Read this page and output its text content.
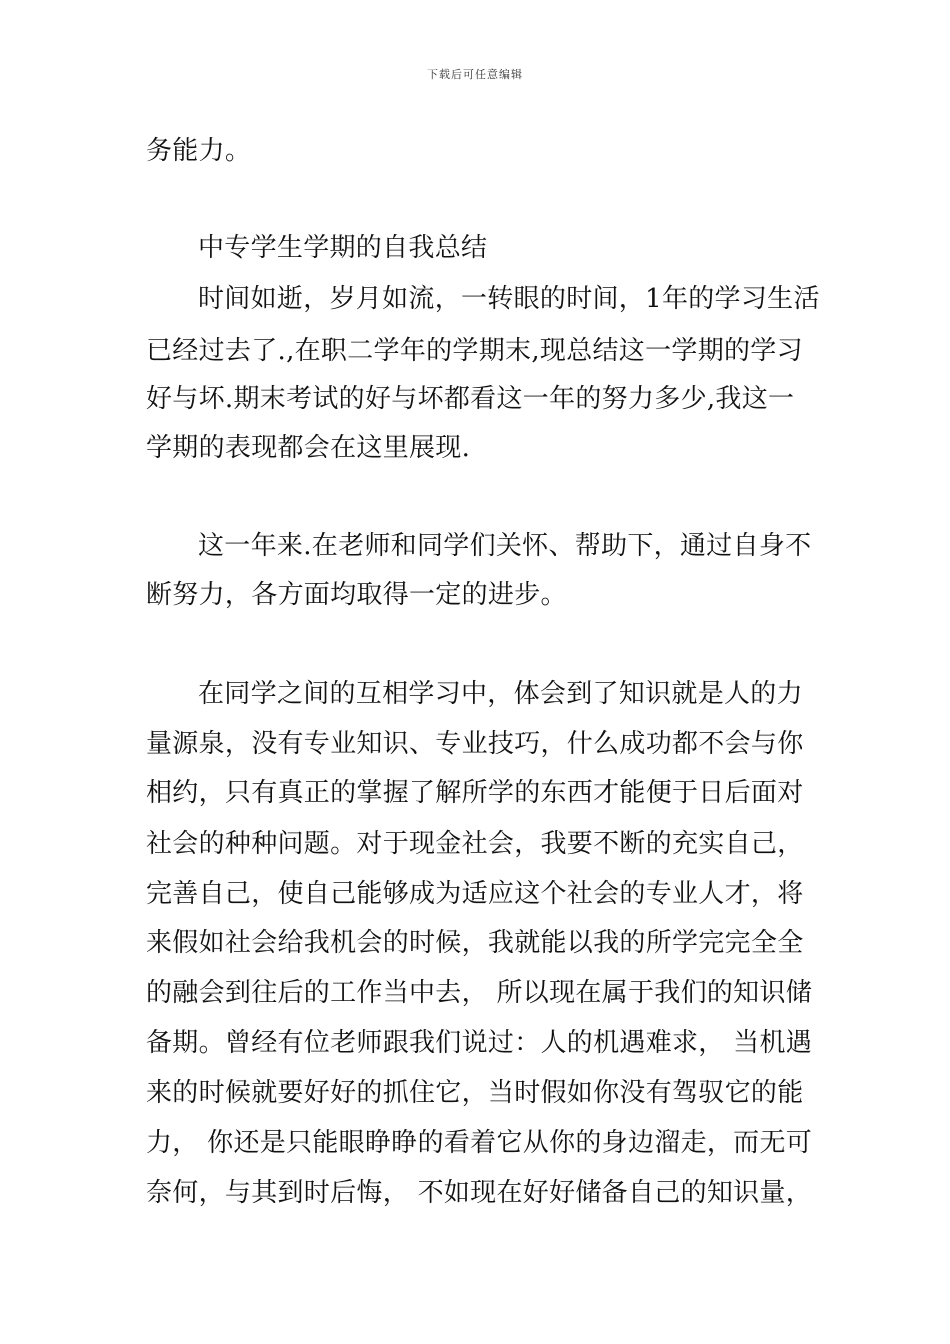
下载后可任意编辑
务能力。
中专学生学期的自我总结
时间如逝，岁月如流，一转眼的时间，1年的学习生活
已经过去了.,在职二学年的学期末,现总结这一学期的学习
好与坏.期末考试的好与坏都看这一年的努力多少,我这一
学期的表现都会在这里展现.
这一年来.在老师和同学们关怀、帮助下，通过自身不
断努力，各方面均取得一定的进步。
在同学之间的互相学习中，体会到了知识就是人的力
量源泉，没有专业知识、专业技巧，什么成功都不会与你
相约，只有真正的掌握了解所学的东西才能便于日后面对
社会的种种问题。对于现金社会，我要不断的充实自己，
完善自己，使自己能够成为适应这个社会的专业人才，将
来假如社会给我机会的时候，我就能以我的所学完完全全
的融会到往后的工作当中去， 所以现在属于我们的知识储
备期。曾经有位老师跟我们说过：人的机遇难求， 当机遇
来的时候就要好好的抓住它，当时假如你没有驾驭它的能
力， 你还是只能眼睁睁的看着它从你的身边溜走，而无可
奈何，与其到时后悔， 不如现在好好储备自己的知识量，
